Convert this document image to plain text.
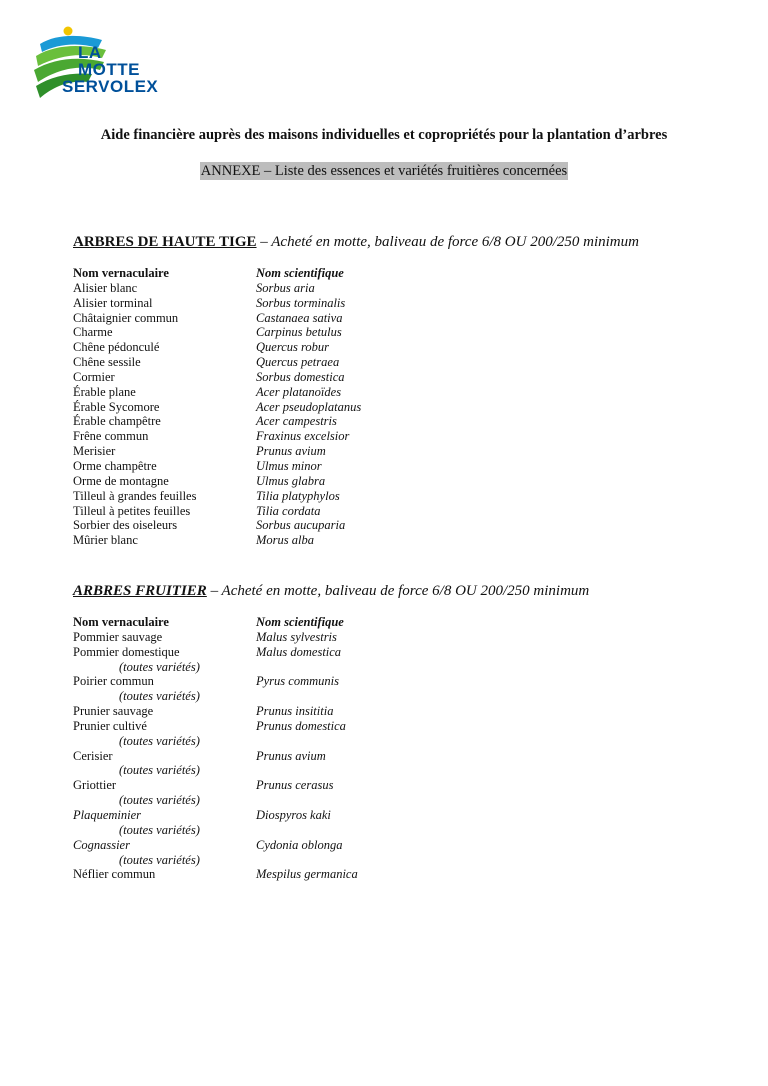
LA
MOTTE
SERVOLEX
Aide financière auprès des maisons individuelles et copropriétés pour la plantation d’arbres
ANNEXE – Liste des essences et variétés fruitières concernées
ARBRES DE HAUTE TIGE – Acheté en motte, baliveau de force 6/8 OU 200/250 minimum
Nom vernaculaire	Nom scientifique
Alisier blanc	Sorbus aria
Alisier torminal	Sorbus torminalis
Châtaignier commun	Castanaea sativa
Charme	Carpinus betulus
Chêne pédonculé	Quercus robur
Chêne sessile	Quercus petraea
Cormier	Sorbus domestica
Érable plane	Acer platanoïdes
Érable Sycomore	Acer pseudoplatanus
Érable champêtre	Acer campestris
Frêne commun	Fraxinus excelsior
Merisier	Prunus avium
Orme champêtre	Ulmus minor
Orme de montagne	Ulmus glabra
Tilleul à grandes feuilles	Tilia platyphylos
Tilleul à petites feuilles	Tilia cordata
Sorbier des oiseleurs	Sorbus aucuparia
Mûrier blanc	Morus alba
ARBRES FRUITIER – Acheté en motte, baliveau de force 6/8 OU 200/250 minimum
Nom vernaculaire	Nom scientifique
Pommier sauvage	Malus sylvestris
Pommier domestique	Malus domestica
(toutes variétés)
Poirier commun	Pyrus communis
(toutes variétés)
Prunier sauvage	Prunus insititia
Prunier cultivé	Prunus domestica
(toutes variétés)
Cerisier	Prunus avium
(toutes variétés)
Griottier	Prunus cerasus
(toutes variétés)
Plaqueminier	Diospyros kaki
(toutes variétés)
Cognassier	Cydonia oblonga
(toutes variétés)
Néflier commun	Mespilus germanica
